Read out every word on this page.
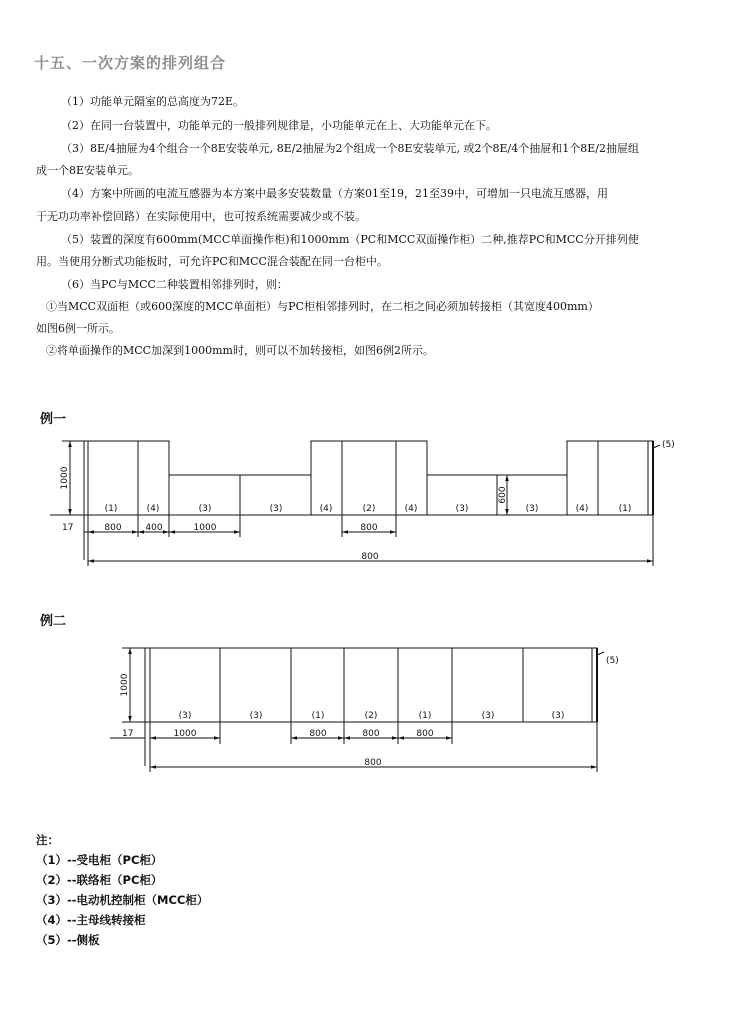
十五、一次方案的排列组合
（1）功能单元隔室的总高度为72E。
（2）在同一台装置中，功能单元的一般排列规律是，小功能单元在上、大功能单元在下。
（3）8E/4抽屉为4个组合一个8E安装单元, 8E/2抽屉为2个组成一个8E安装单元, 或2个8E/4个抽屉和1个8E/2抽屉组
成一个8E安装单元。
（4）方案中所画的电流互感器为本方案中最多安装数量（方案01至19，21至39中，可增加一只电流互感器，用
于无功功率补偿回路）在实际使用中，也可按系统需要减少或不装。
（5）装置的深度有600mm(MCC单面操作柜)和1000mm（PC和MCC双面操作柜）二种,推荐PC和MCC分开排列使
用。当使用分断式功能板时，可允许PC和MCC混合装配在同一台柜中。
（6）当PC与MCC二种装置相邻排列时，则：
①当MCC双面柜（或600深度的MCC单面柜）与PC柜相邻排列时，在二柜之间必须加转接柜（其宽度400mm）
如图6例一所示。
②将单面操作的MCC加深到1000mm时，则可以不加转接柜，如图6例2所示。
例一
例二
(1)	(4)	(3)	(3)	(4)	(2)	(4)	(3)	(3)	(4)	(1)
(5)
1000
600
17	800	400	1000	800
800
(3)	(3)	(1)	(2)	(1)	(3)	(3)
(5)
1000
17	1000	800	800	800
800
注：
（1）--受电柜（PC柜）
（2）--联络柜（PC柜）
（3）--电动机控制柜（MCC柜）
（4）--主母线转接柜
（5）--侧板
